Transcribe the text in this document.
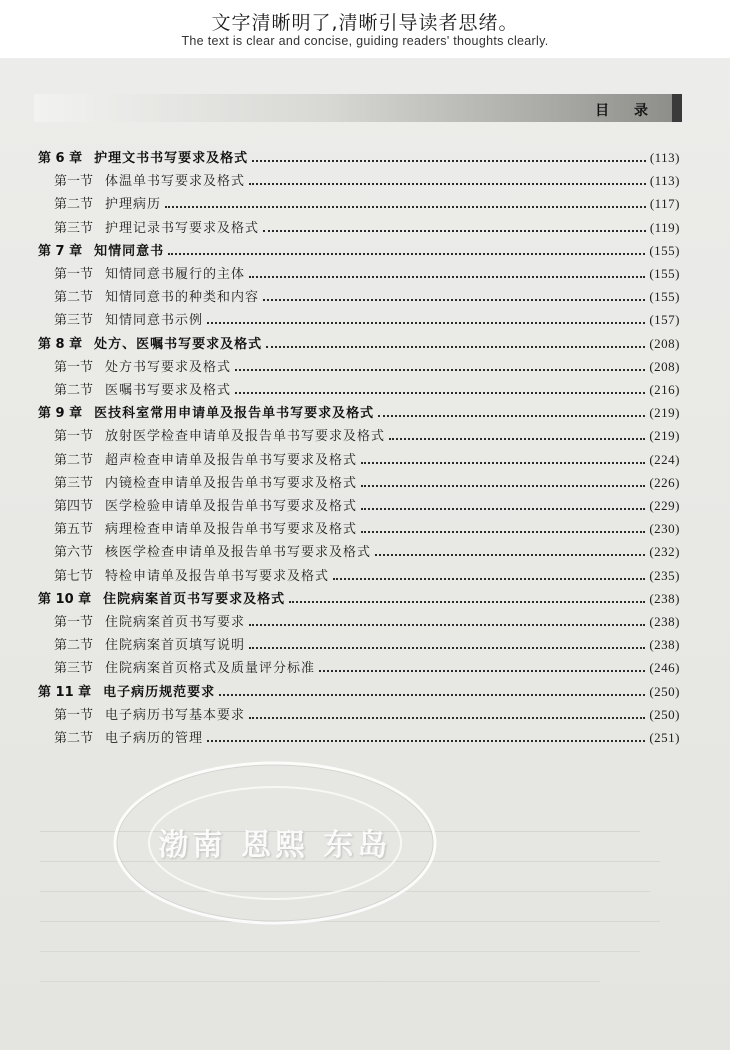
文字清晰明了,清晰引导读者思绪。
The text is clear and concise, guiding readers' thoughts clearly.
目 录
第 6 章 护理文书书写要求及格式	(113)
第一节 体温单书写要求及格式	(113)
第二节 护理病历	(117)
第三节 护理记录书写要求及格式	(119)
第 7 章 知情同意书	(155)
第一节 知情同意书履行的主体	(155)
第二节 知情同意书的种类和内容	(155)
第三节 知情同意书示例	(157)
第 8 章 处方、医嘱书写要求及格式	(208)
第一节 处方书写要求及格式	(208)
第二节 医嘱书写要求及格式	(216)
第 9 章 医技科室常用申请单及报告单书写要求及格式	(219)
第一节 放射医学检查申请单及报告单书写要求及格式	(219)
第二节 超声检查申请单及报告单书写要求及格式	(224)
第三节 内镜检查申请单及报告单书写要求及格式	(226)
第四节 医学检验申请单及报告单书写要求及格式	(229)
第五节 病理检查申请单及报告单书写要求及格式	(230)
第六节 核医学检查申请单及报告单书写要求及格式	(232)
第七节 特检申请单及报告单书写要求及格式	(235)
第 10 章 住院病案首页书写要求及格式	(238)
第一节 住院病案首页书写要求	(238)
第二节 住院病案首页填写说明	(238)
第三节 住院病案首页格式及质量评分标准	(246)
第 11 章 电子病历规范要求	(250)
第一节 电子病历书写基本要求	(250)
第二节 电子病历的管理	(251)
渤南 恩熙 东岛
